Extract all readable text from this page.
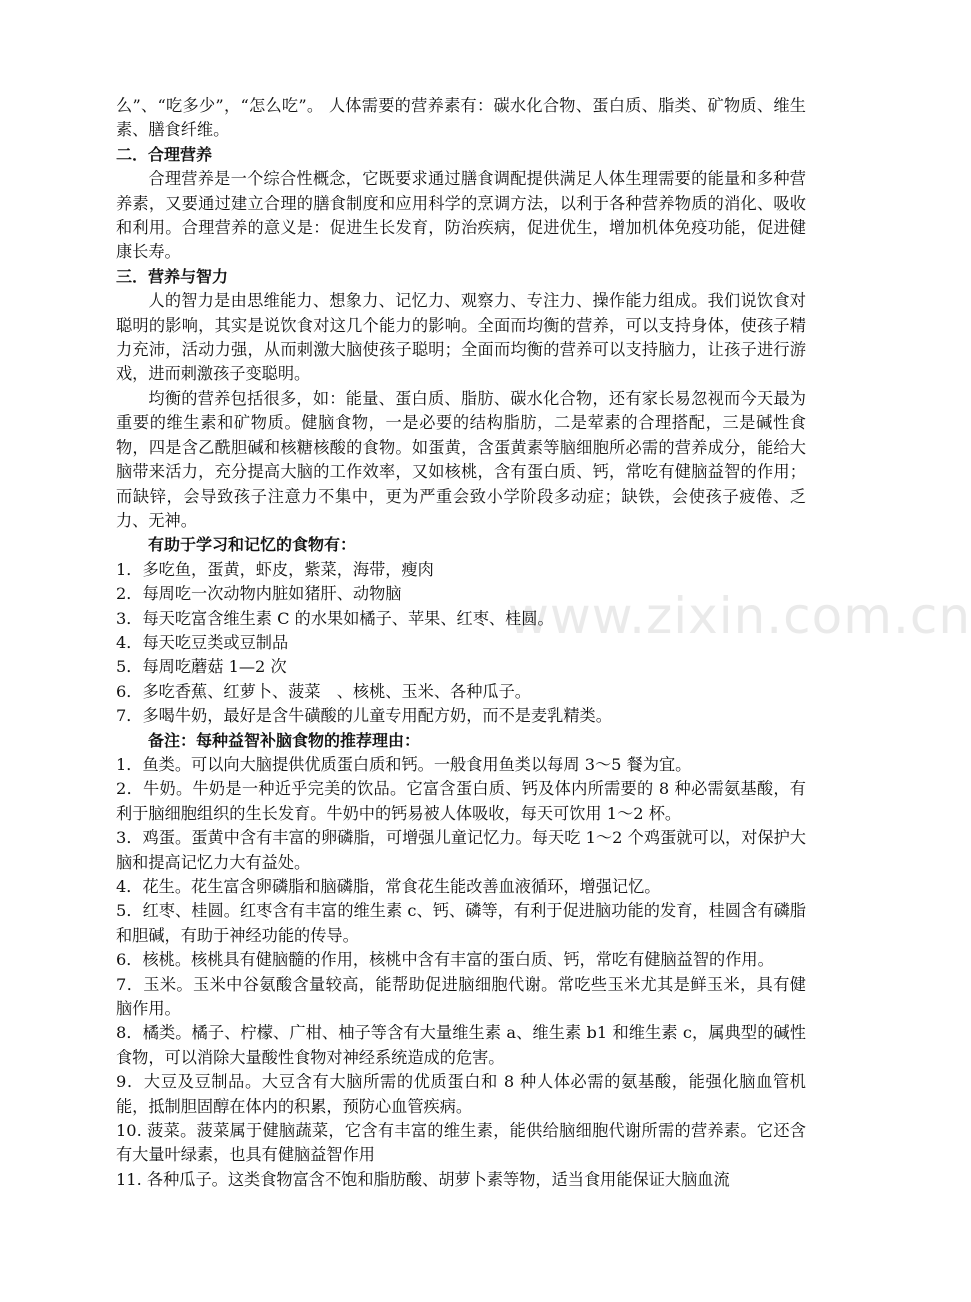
www.zixin.com.cn

么”、“吃多少”，“怎么吃”。 人体需要的营养素有：碳水化合物、蛋白质、脂类、矿物质、维生素、膳食纤维。

二．合理营养

合理营养是一个综合性概念，它既要求通过膳食调配提供满足人体生理需要的能量和多种营养素，又要通过建立合理的膳食制度和应用科学的烹调方法，以利于各种营养物质的消化、吸收和利用。合理营养的意义是：促进生长发育，防治疾病，促进优生，增加机体免疫功能，促进健康长寿。

三．营养与智力

人的智力是由思维能力、想象力、记忆力、观察力、专注力、操作能力组成。我们说饮食对聪明的影响，其实是说饮食对这几个能力的影响。全面而均衡的营养，可以支持身体，使孩子精力充沛，活动力强，从而刺激大脑使孩子聪明；全面而均衡的营养可以支持脑力，让孩子进行游戏，进而刺激孩子变聪明。

均衡的营养包括很多，如：能量、蛋白质、脂肪、碳水化合物，还有家长易忽视而今天最为重要的维生素和矿物质。健脑食物，一是必要的结构脂肪，二是荤素的合理搭配，三是碱性食物，四是含乙酰胆碱和核糖核酸的食物。如蛋黄，含蛋黄素等脑细胞所必需的营养成分，能给大脑带来活力，充分提高大脑的工作效率，又如核桃，含有蛋白质、钙，常吃有健脑益智的作用；而缺锌，会导致孩子注意力不集中，更为严重会致小学阶段多动症；缺铁，会使孩子疲倦、乏力、无神。

有助于学习和记忆的食物有：

1．多吃鱼，蛋黄，虾皮，紫菜，海带，瘦肉

2．每周吃一次动物内脏如猪肝、动物脑

3．每天吃富含维生素 C 的水果如橘子、苹果、红枣、桂圆。

4．每天吃豆类或豆制品

5．每周吃蘑菇 1—2 次

6．多吃香蕉、红萝卜、菠菜　、核桃、玉米、各种瓜子。

7．多喝牛奶，最好是含牛磺酸的儿童专用配方奶，而不是麦乳精类。

备注：每种益智补脑食物的推荐理由：

1．鱼类。可以向大脑提供优质蛋白质和钙。一般食用鱼类以每周 3～5 餐为宜。

2．牛奶。牛奶是一种近乎完美的饮品。它富含蛋白质、钙及体内所需要的 8 种必需氨基酸，有利于脑细胞组织的生长发育。牛奶中的钙易被人体吸收，每天可饮用 1～2 杯。

3．鸡蛋。蛋黄中含有丰富的卵磷脂，可增强儿童记忆力。每天吃 1～2 个鸡蛋就可以，对保护大脑和提高记忆力大有益处。

4．花生。花生富含卵磷脂和脑磷脂，常食花生能改善血液循环，增强记忆。

5．红枣、桂圆。红枣含有丰富的维生素 c、钙、磷等，有利于促进脑功能的发育，桂圆含有磷脂和胆碱，有助于神经功能的传导。

6．核桃。核桃具有健脑髓的作用，核桃中含有丰富的蛋白质、钙，常吃有健脑益智的作用。

7．玉米。玉米中谷氨酸含量较高，能帮助促进脑细胞代谢。常吃些玉米尤其是鲜玉米，具有健脑作用。

8．橘类。橘子、柠檬、广柑、柚子等含有大量维生素 a、维生素 b1 和维生素 c，属典型的碱性食物，可以消除大量酸性食物对神经系统造成的危害。

9．大豆及豆制品。大豆含有大脑所需的优质蛋白和 8 种人体必需的氨基酸，能强化脑血管机能，抵制胆固醇在体内的积累，预防心血管疾病。

10. 菠菜。菠菜属于健脑蔬菜，它含有丰富的维生素，能供给脑细胞代谢所需的营养素。它还含有大量叶绿素，也具有健脑益智作用

11. 各种瓜子。这类食物富含不饱和脂肪酸、胡萝卜素等物，适当食用能保证大脑血流
